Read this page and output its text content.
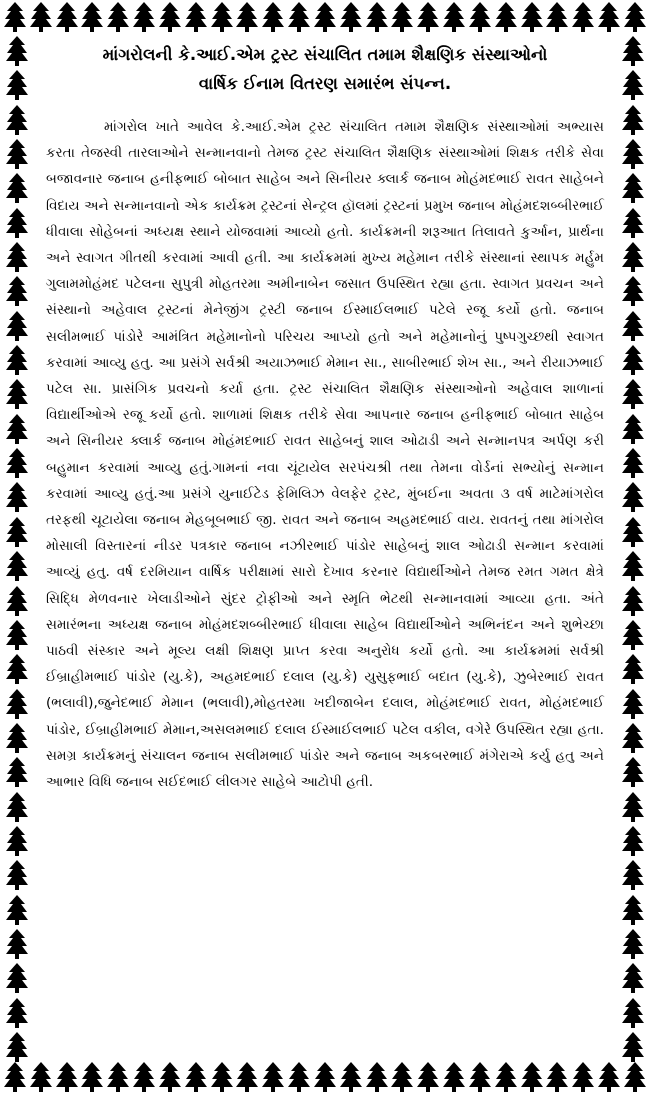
માંગરોલની કે.આઈ.એમ ટ્રસ્ટ સંચાલિત તમામ શૈક્ષણિક સંસ્થાઓનો
વાર્ષિક ઈનામ વિતરણ સમારંભ સંપન્ન.

માંગરોલ ખાતે આવેલ કે.આઈ.એમ ટ્રસ્ટ સંચાલિત તમામ શૈક્ષણિક સંસ્થાઓમાં અભ્યાસ કરતા તેજસ્વી તારલાઓને સન્માનવાનો તેમજ ટ્રસ્ટ સંચાલિત શૈક્ષણિક સંસ્થાઓમાં શિક્ષક તરીકે સેવા બજાવનાર જનાબ હનીફભાઈ બોબાત સાહેબ અને સિનીયર ક્લાર્ક જનાબ મોહંમદભાઈ રાવત સાહેબને વિદાય અને સન્માનવાનો એક કાર્યક્રમ ટ્રસ્ટનાં સેન્ટ્રલ હૉલમાં ટ્રસ્ટનાં પ્રમુખ જનાબ મોહંમદશબ્બીરભાઈ ધીવાલા સોહેબનાં અધ્યક્ષ સ્થાને યોજવામાં આવ્યો હતો. કાર્યક્રમની શરૂઆત તિલાવતે કુર્આન, પ્રાર્થના અને સ્વાગત ગીતથી કરવામાં આવી હતી. આ કાર્યક્રમમાં મુખ્ય મહેમાન તરીકે સંસ્થાનાં સ્થાપક મર્હુમ ગુલામમોહંમદ પટેલના સુપુત્રી મોહતરમા અમીનાબેન જસાત ઉપસ્થિત રહ્યા હતા. સ્વાગત પ્રવચન અને સંસ્થાનો અહેવાલ ટ્રસ્ટનાં મેનેજીંગ ટ્રસ્ટી જનાબ ઈસ્માઈલભાઈ પટેલે રજૂ કર્યો હતો. જનાબ સલીમભાઈ પાંડોરે આમંત્રિત મહેમાનોનો પરિચય આપ્યો હતો અને મહેમાનોનું પુષ્પગુચ્છથી સ્વાગત કરવામાં આવ્યુ હતુ. આ પ્રસંગે સર્વશ્રી અયાઝભાઈ મેમાન સા., સાબીરભાઈ શેખ સા., અને રીયાઝભાઈ પટેલ સા. પ્રાસંગિક પ્રવચનો કર્યા હતા. ટ્રસ્ટ સંચાલિત શૈક્ષણિક સંસ્થાઓનો અહેવાલ શાળાનાં વિદ્યાર્થીઓએ રજૂ કર્યો હતો. શાળામાં શિક્ષક તરીકે સેવા આપનાર જનાબ હનીફભાઈ બોબાત સાહેબ અને સિનીયર ક્લાર્ક જનાબ મોહંમદભાઈ રાવત સાહેબનું શાલ ઓઢાડી અને સન્માનપત્ર અર્પણ કરી બહુમાન કરવામાં આવ્યુ હતું.ગામનાં નવા ચૂંટાયેલ સરપંચશ્રી તથા તેમના વોર્ડનાં સભ્યોનું સન્માન કરવામાં આવ્યુ હતું.આ પ્રસંગે યુનાઈટેડ ફેમિલિઝ વેલફેર ટ્રસ્ટ, મુંબઈના અવતા ૩ વર્ષ માટેમાંગરોલ તરફથી ચૂટાયેલા જનાબ મેહબૂબભાઈ જી. રાવત અને જનાબ અહમદભાઈ વાય. રાવતનું તથા માંગરોલ મોસાલી વિસ્તારનાં નીડર પત્રકાર જનાબ નઝીરભાઈ પાંડોર સાહેબનું શાલ ઓઢાડી સન્માન કરવામાં આવ્યું હતુ. વર્ષ દરમિયાન વાર્ષિક પરીક્ષામાં સારો દેખાવ કરનાર વિદ્યાર્થીઓને તેમજ રમત ગમત ક્ષેત્રે સિદ્ધિ મેળવનાર ખેલાડીઓને સુંદર ટ્રોફીઓ અને સ્મૃતિ ભેટથી સન્માનવામાં આવ્યા હતા. અંતે સમારંભના અધ્યક્ષ જનાબ મોહંમદશબ્બીરભાઈ ધીવાલા સાહેબ વિદ્યાર્થીઓને અભિનંદન અને શુભેચ્છા પાઠવી સંસ્કાર અને મૂલ્ય લક્ષી શિક્ષણ પ્રાપ્ત કરવા અનુરોધ કર્યો હતો. આ કાર્યક્રમમાં સર્વશ્રી ઈબ્રાહીમભાઈ પાંડોર (યુ.કે), અહમદભાઈ દલાલ (યુ.કે) યુસુફભાઈ બદાત (યુ.કે), ઝુબેરભાઈ રાવત (ભલાવી),જુનેદભાઈ મેમાન (ભલાવી),મોહતરમા ખદીજાબેન દલાલ, મોહંમદભાઈ રાવત, મોહંમદભાઈ પાંડોર, ઈબ્રાહીમભાઈ મેમાન,અસલમભાઈ દલાલ ઈસ્માઈલભાઈ પટેલ વકીલ, વગેરે ઉપસ્થિત રહ્યા હતા. સમગ્ર કાર્યક્રમનું સંચાલન જનાબ સલીમભાઈ પાંડોર અને જનાબ અકબરભાઈ મંગેરાએ કર્યુ હતુ અને આભાર વિધિ જનાબ સઈદભાઈ લીલગર સાહેબે આટોપી હતી.
